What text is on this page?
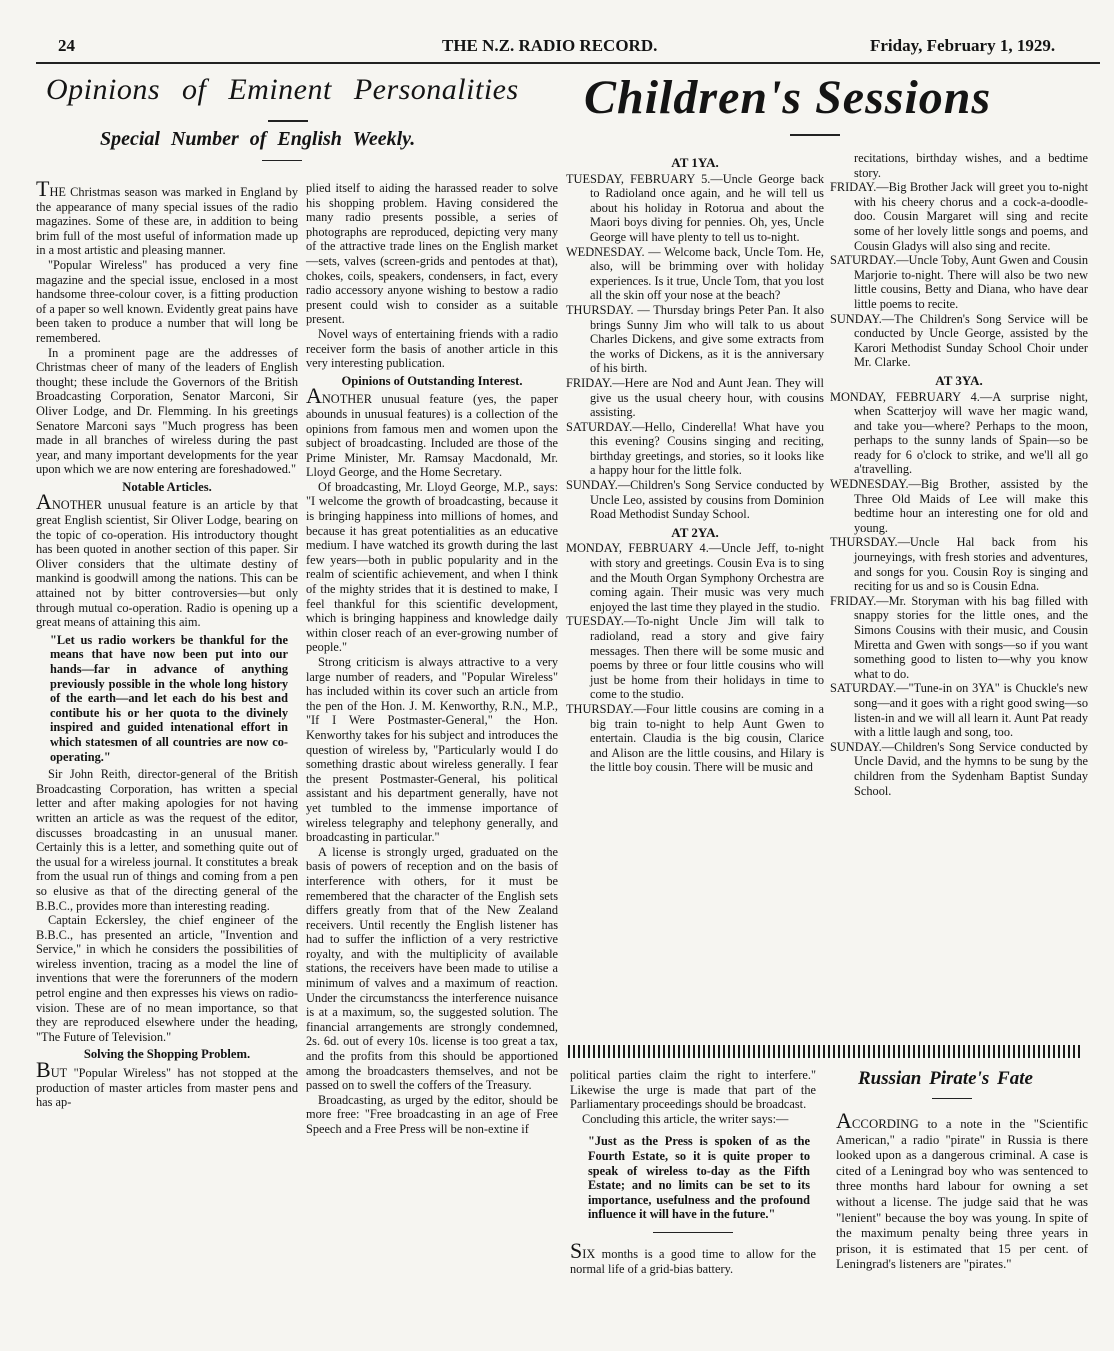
24	THE N.Z. RADIO RECORD.	Friday, February 1, 1929.
Opinions of Eminent Personalities
Special Number of English Weekly.
Children's Sessions

THE Christmas season was marked in England by the appearance of many special issues of the radio magazines. Some of these are, in addition to being brim full of the most useful of information made up in a most artistic and pleasing manner.

"Popular Wireless" has produced a very fine magazine and the special issue, enclosed in a most handsome three-colour cover, is a fitting production of a paper so well known. Evidently great pains have been taken to produce a number that will long be remembered.

In a prominent page are the addresses of Christmas cheer of many of the leaders of English thought; these include the Governors of the British Broadcasting Corporation, Senator Marconi, Sir Oliver Lodge, and Dr. Flemming. In his greetings Senatore Marconi says "Much progress has been made in all branches of wireless during the past year, and many important developments for the year upon which we are now entering are foreshadowed."

Notable Articles.

ANOTHER unusual feature is an article by that great English scientist, Sir Oliver Lodge, bearing on the topic of co-operation. His introductory thought has been quoted in another section of this paper. Sir Oliver considers that the ultimate destiny of mankind is goodwill among the nations. This can be attained not by bitter controversies—but only through mutual co-operation. Radio is opening up a great means of attaining this aim.

"Let us radio workers be thankful for the means that have now been put into our hands—far in advance of anything previously possible in the whole long history of the earth—and let each do his best and contibute his or her quota to the divinely inspired and guided intenational effort in which statesmen of all countries are now co-operating."

Sir John Reith, director-general of the British Broadcasting Corporation, has written a special letter and after making apologies for not having written an article as was the request of the editor, discusses broadcasting in an unusual maner. Certainly this is a letter, and something quite out of the usual for a wireless journal. It constitutes a break from the usual run of things and coming from a pen so elusive as that of the directing general of the B.B.C., provides more than interesting reading.

Captain Eckersley, the chief engineer of the B.B.C., has presented an article, "Invention and Service," in which he considers the possibilities of wireless invention, tracing as a model the line of inventions that were the forerunners of the modern petrol engine and then expresses his views on radio-vision. These are of no mean importance, so that they are reproduced elsewhere under the heading, "The Future of Television."

Solving the Shopping Problem.

BUT "Popular Wireless" has not stopped at the production of master articles from master pens and has ap-

plied itself to aiding the harassed reader to solve his shopping problem. Having considered the many radio presents possible, a series of photographs are reproduced, depicting very many of the attractive trade lines on the English market—sets, valves (screen-grids and pentodes at that), chokes, coils, speakers, condensers, in fact, every radio accessory anyone wishing to bestow a radio present could wish to consider as a suitable present.

Novel ways of entertaining friends with a radio receiver form the basis of another article in this very interesting publication.

Opinions of Outstanding Interest.

ANOTHER unusual feature (yes, the paper abounds in unusual features) is a collection of the opinions from famous men and women upon the subject of broadcasting. Included are those of the Prime Minister, Mr. Ramsay Macdonald, Mr. Lloyd George, and the Home Secretary.

Of broadcasting, Mr. Lloyd George, M.P., says: "I welcome the growth of broadcasting, because it is bringing happiness into millions of homes, and because it has great potentialities as an educative medium. I have watched its growth during the last few years—both in public popularity and in the realm of scientific achievement, and when I think of the mighty strides that it is destined to make, I feel thankful for this scientific development, which is bringing happiness and knowledge daily within closer reach of an ever-growing number of people."

Strong criticism is always attractive to a very large number of readers, and "Popular Wireless" has included within its cover such an article from the pen of the Hon. J. M. Kenworthy, R.N., M.P., "If I Were Postmaster-General," the Hon. Kenworthy takes for his subject and introduces the question of wireless by, "Particularly would I do something drastic about wireless generally. I fear the present Postmaster-General, his political assistant and his department generally, have not yet tumbled to the immense importance of wireless telegraphy and telephony generally, and broadcasting in particular."

A license is strongly urged, graduated on the basis of powers of reception and on the basis of interference with others, for it must be remembered that the character of the English sets differs greatly from that of the New Zealand receivers. Until recently the English listener has had to suffer the infliction of a very restrictive royalty, and with the multiplicity of available stations, the receivers have been made to utilise a minimum of valves and a maximum of reaction. Under the circumstancss the interference nuisance is at a maximum, so, the suggested solution. The financial arrangements are strongly condemned, 2s. 6d. out of every 10s. license is too great a tax, and the profits from this should be apportioned among the broadcasters themselves, and not be passed on to swell the coffers of the Treasury.

Broadcasting, as urged by the editor, should be more free: "Free broadcasting in an age of Free Speech and a Free Press will be non-extine if

AT 1YA.
TUESDAY, FEBRUARY 5.—Uncle George back to Radioland once again, and he will tell us about his holiday in Rotorua and about the Maori boys diving for pennies. Oh, yes, Uncle George will have plenty to tell us to-night.
WEDNESDAY. — Welcome back, Uncle Tom. He, also, will be brimming over with holiday experiences. Is it true, Uncle Tom, that you lost all the skin off your nose at the beach?
THURSDAY. — Thursday brings Peter Pan. It also brings Sunny Jim who will talk to us about Charles Dickens, and give some extracts from the works of Dickens, as it is the anniversary of his birth.
FRIDAY.—Here are Nod and Aunt Jean. They will give us the usual cheery hour, with cousins assisting.
SATURDAY.—Hello, Cinderella! What have you this evening? Cousins singing and reciting, birthday greetings, and stories, so it looks like a happy hour for the little folk.
SUNDAY.—Children's Song Service conducted by Uncle Leo, assisted by cousins from Dominion Road Methodist Sunday School.
AT 2YA.
MONDAY, FEBRUARY 4.—Uncle Jeff, to-night with story and greetings. Cousin Eva is to sing and the Mouth Organ Symphony Orchestra are coming again. Their music was very much enjoyed the last time they played in the studio.
TUESDAY.—To-night Uncle Jim will talk to radioland, read a story and give fairy messages. Then there will be some music and poems by three or four little cousins who will just be home from their holidays in time to come to the studio.
THURSDAY.—Four little cousins are coming in a big train to-night to help Aunt Gwen to entertain. Claudia is the big cousin, Clarice and Alison are the little cousins, and Hilary is the little boy cousin. There will be music and

recitations, birthday wishes, and a bedtime story.

FRIDAY.—Big Brother Jack will greet you to-night with his cheery chorus and a cock-a-doodle-doo. Cousin Margaret will sing and recite some of her lovely little songs and poems, and Cousin Gladys will also sing and recite.
SATURDAY.—Uncle Toby, Aunt Gwen and Cousin Marjorie to-night. There will also be two new little cousins, Betty and Diana, who have dear little poems to recite.
SUNDAY.—The Children's Song Service will be conducted by Uncle George, assisted by the Karori Methodist Sunday School Choir under Mr. Clarke.
AT 3YA.
MONDAY, FEBRUARY 4.—A surprise night, when Scatterjoy will wave her magic wand, and take you—where? Perhaps to the moon, perhaps to the sunny lands of Spain—so be ready for 6 o'clock to strike, and we'll all go a'travelling.
WEDNESDAY.—Big Brother, assisted by the Three Old Maids of Lee will make this bedtime hour an interesting one for old and young.
THURSDAY.—Uncle Hal back from his journeyings, with fresh stories and adventures, and songs for you. Cousin Roy is singing and reciting for us and so is Cousin Edna.
FRIDAY.—Mr. Storyman with his bag filled with snappy stories for the little ones, and the Simons Cousins with their music, and Cousin Miretta and Gwen with songs—so if you want something good to listen to—why you know what to do.
SATURDAY.—"Tune-in on 3YA" is Chuckle's new song—and it goes with a right good swing—so listen-in and we will all learn it. Aunt Pat ready with a little laugh and song, too.
SUNDAY.—Children's Song Service conducted by Uncle David, and the hymns to be sung by the children from the Sydenham Baptist Sunday School.

political parties claim the right to interfere." Likewise the urge is made that part of the Parliamentary proceedings should be broadcast.

Concluding this article, the writer says:—

"Just as the Press is spoken of as the Fourth Estate, so it is quite proper to speak of wireless to-day as the Fifth Estate; and no limits can be set to its importance, usefulness and the profound influence it will have in the future."

SIX months is a good time to allow for the normal life of a grid-bias battery.

Russian Pirate's Fate

ACCORDING to a note in the "Scientific American," a radio "pirate" in Russia is there looked upon as a dangerous criminal. A case is cited of a Leningrad boy who was sentenced to three months hard labour for owning a set without a license. The judge said that he was "lenient" because the boy was young. In spite of the maximum penalty being three years in prison, it is estimated that 15 per cent. of Leningrad's listeners are "pirates."
